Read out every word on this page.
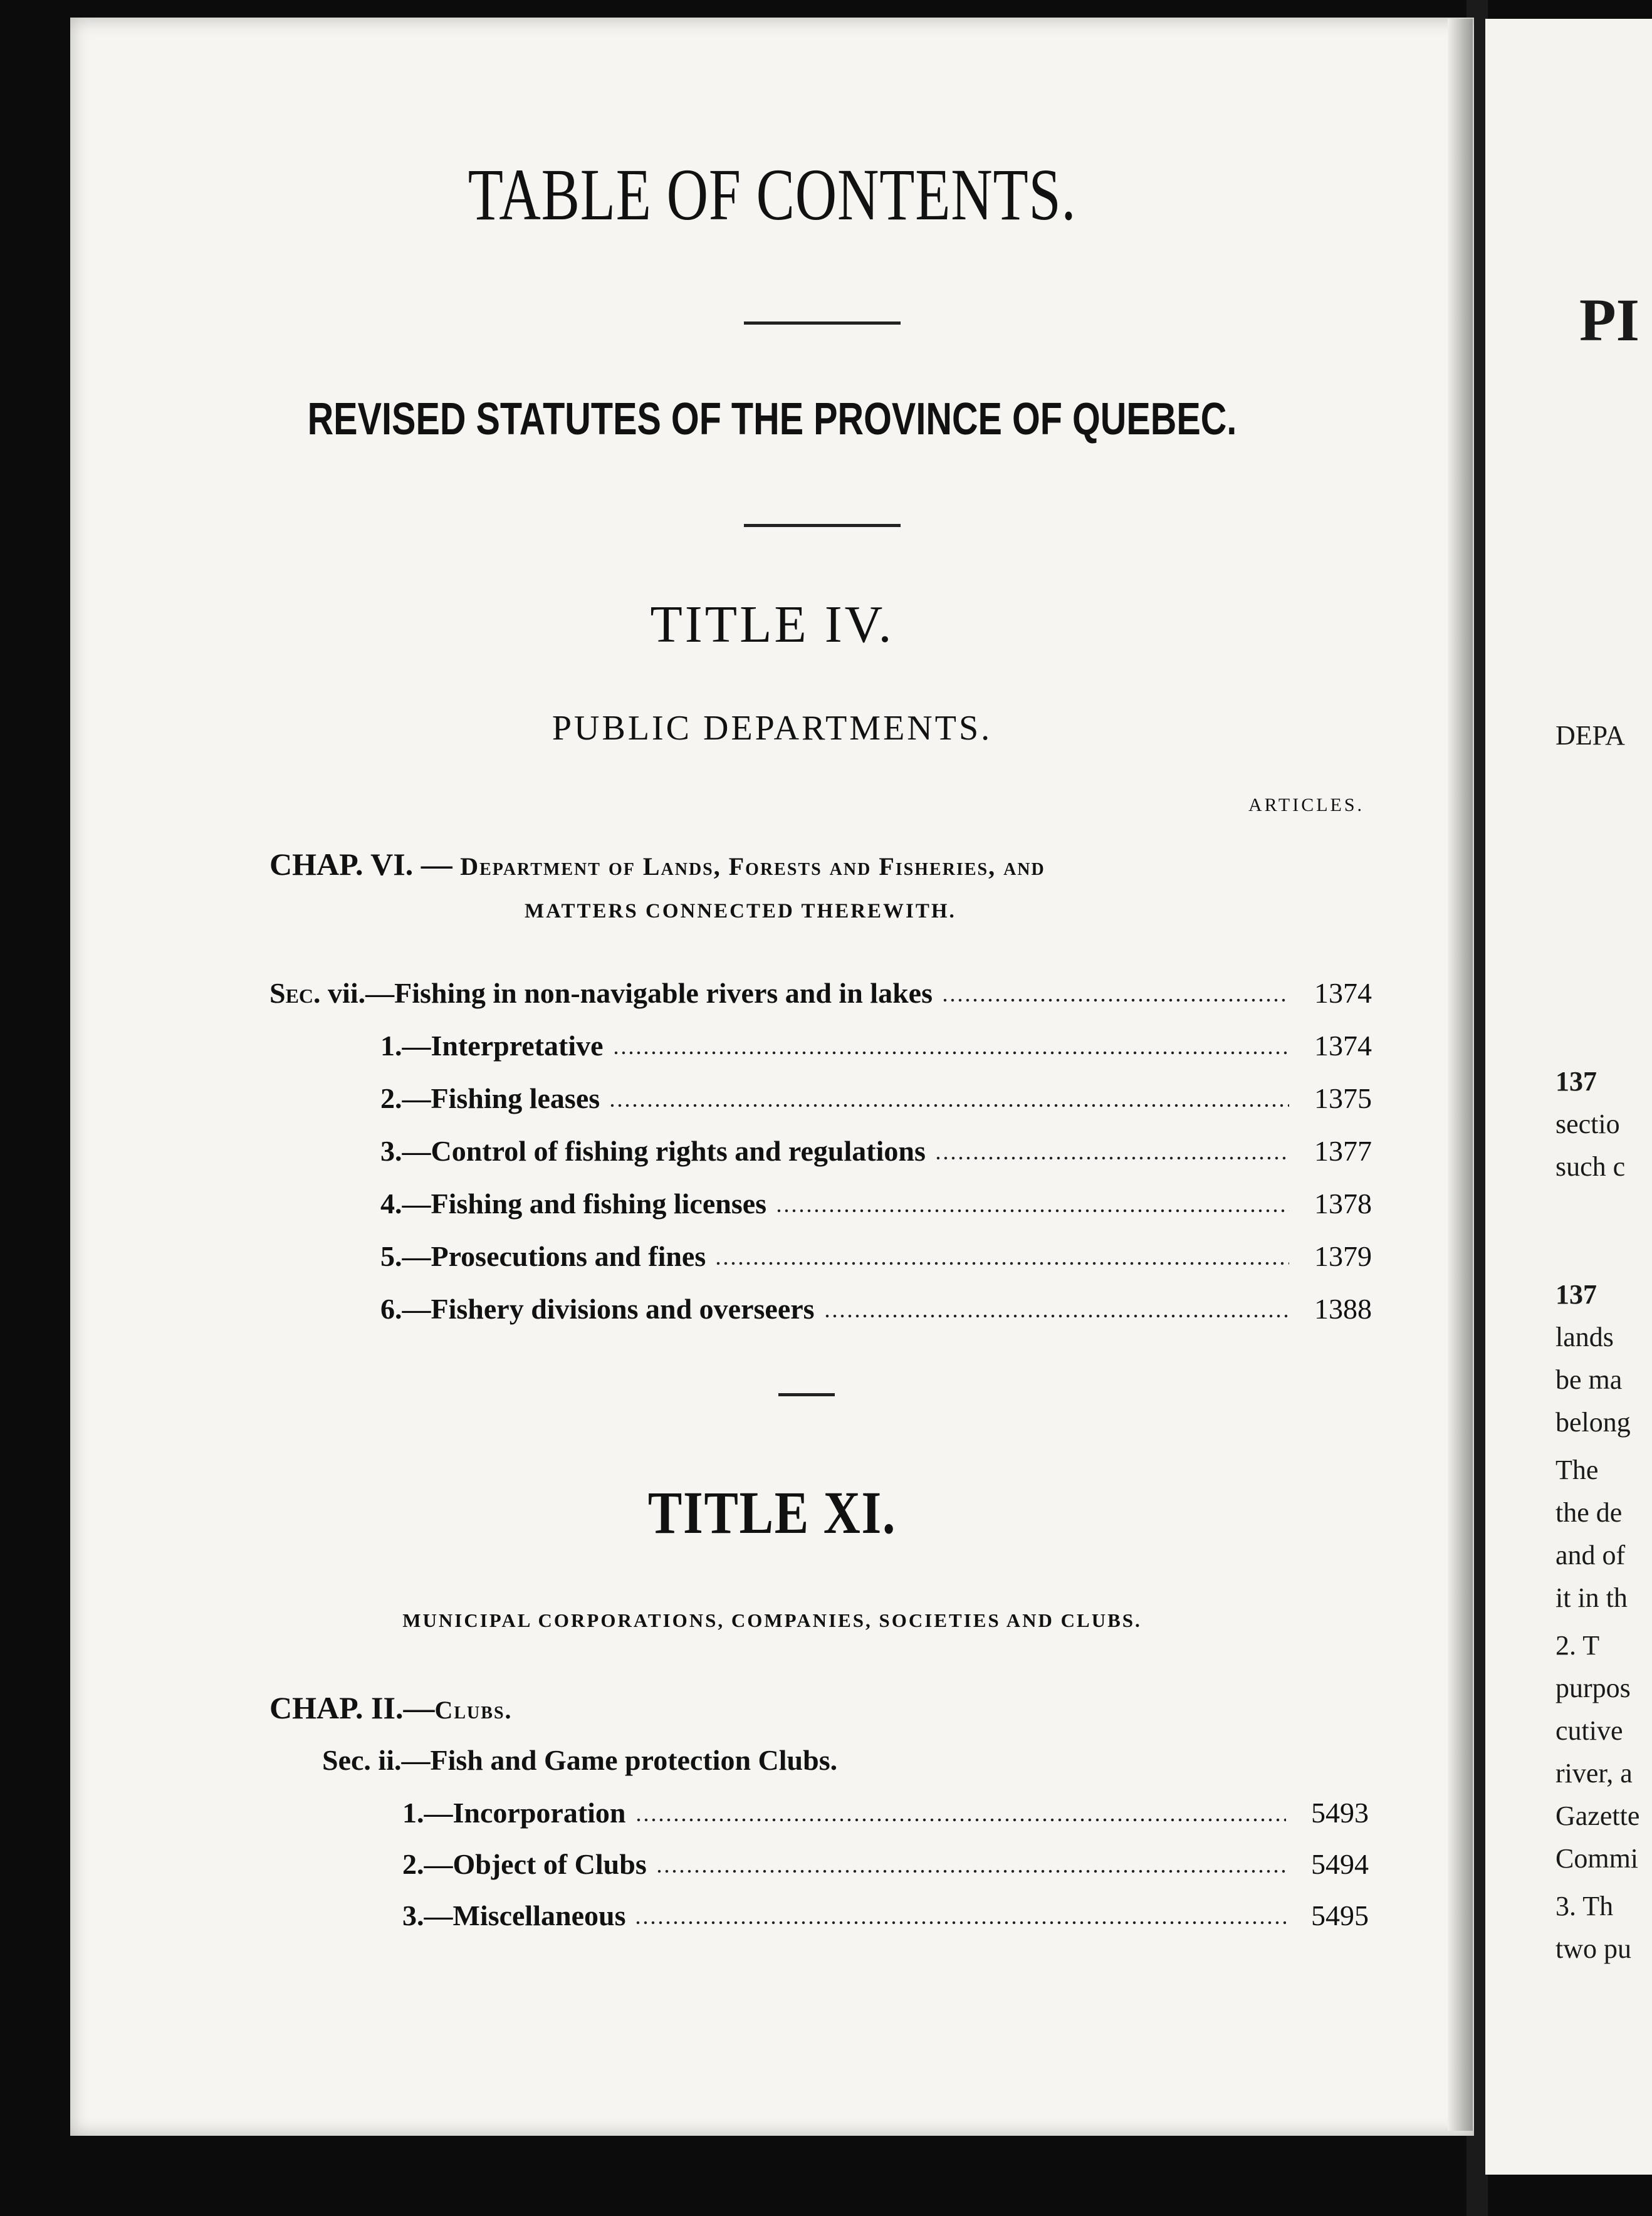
PI
DEPA
137
sectio
such c
137
lands
be ma
belong
The
the de
and of
it in th
2. T
purpos
cutive
river, a
Gazette
Commi
3. Th
two pu
TABLE OF CONTENTS.
REVISED STATUTES OF THE PROVINCE OF QUEBEC.
TITLE IV.
PUBLIC DEPARTMENTS.
ARTICLES.
CHAP. VI. — Department of Lands, Forests and Fisheries, and
MATTERS CONNECTED THEREWITH.
Sec. vii.—Fishing in non-navigable rivers and in lakes	1374
1.—Interpretative	1374
2.—Fishing leases	1375
3.—Control of fishing rights and regulations	1377
4.—Fishing and fishing licenses	1378
5.—Prosecutions and fines	1379
6.—Fishery divisions and overseers	1388
TITLE XI.
MUNICIPAL CORPORATIONS, COMPANIES, SOCIETIES AND CLUBS.
CHAP. II.—Clubs.
Sec. ii.—Fish and Game protection Clubs.
1.—Incorporation	5493
2.—Object of Clubs	5494
3.—Miscellaneous	5495
